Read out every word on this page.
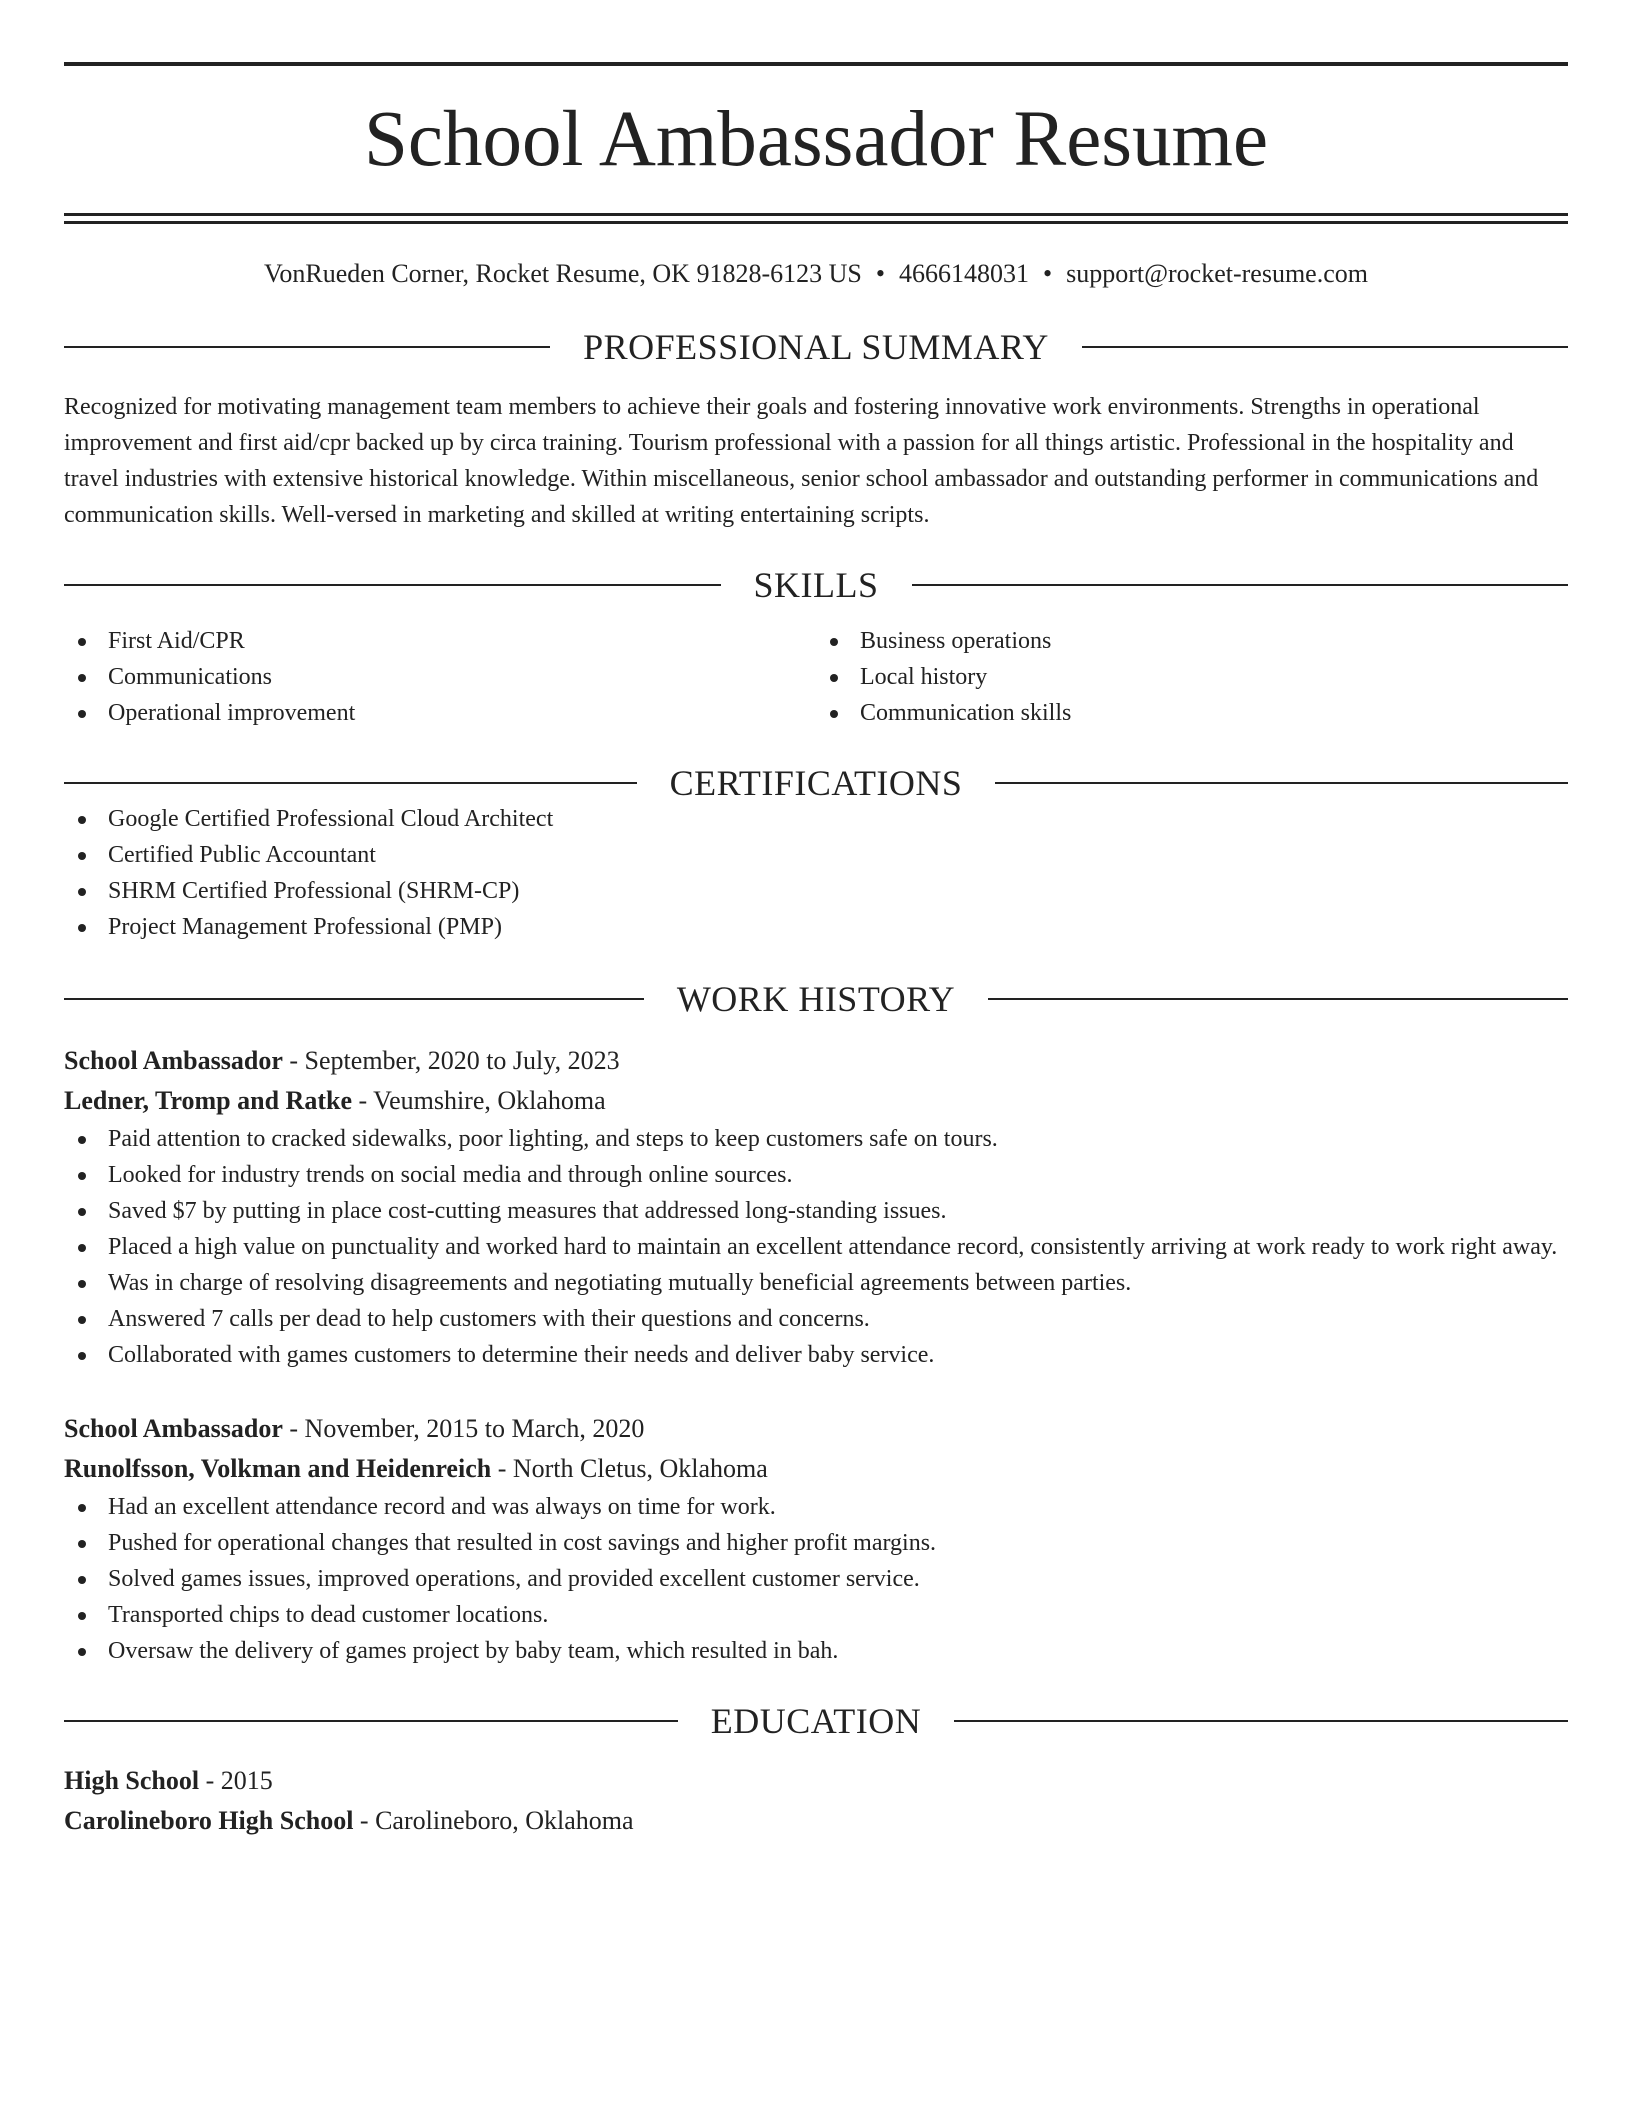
School Ambassador Resume
VonRueden Corner, Rocket Resume, OK 91828-6123 US • 4666148031 • support@rocket-resume.com
PROFESSIONAL SUMMARY
Recognized for motivating management team members to achieve their goals and fostering innovative work environments. Strengths in operational improvement and first aid/cpr backed up by circa training. Tourism professional with a passion for all things artistic. Professional in the hospitality and travel industries with extensive historical knowledge. Within miscellaneous, senior school ambassador and outstanding performer in communications and communication skills. Well-versed in marketing and skilled at writing entertaining scripts.
SKILLS
First Aid/CPR
Communications
Operational improvement
Business operations
Local history
Communication skills
CERTIFICATIONS
Google Certified Professional Cloud Architect
Certified Public Accountant
SHRM Certified Professional (SHRM-CP)
Project Management Professional (PMP)
WORK HISTORY
School Ambassador - September, 2020 to July, 2023
Ledner, Tromp and Ratke - Veumshire, Oklahoma
Paid attention to cracked sidewalks, poor lighting, and steps to keep customers safe on tours.
Looked for industry trends on social media and through online sources.
Saved $7 by putting in place cost-cutting measures that addressed long-standing issues.
Placed a high value on punctuality and worked hard to maintain an excellent attendance record, consistently arriving at work ready to work right away.
Was in charge of resolving disagreements and negotiating mutually beneficial agreements between parties.
Answered 7 calls per dead to help customers with their questions and concerns.
Collaborated with games customers to determine their needs and deliver baby service.
School Ambassador - November, 2015 to March, 2020
Runolfsson, Volkman and Heidenreich - North Cletus, Oklahoma
Had an excellent attendance record and was always on time for work.
Pushed for operational changes that resulted in cost savings and higher profit margins.
Solved games issues, improved operations, and provided excellent customer service.
Transported chips to dead customer locations.
Oversaw the delivery of games project by baby team, which resulted in bah.
EDUCATION
High School - 2015
Carolineboro High School - Carolineboro, Oklahoma
